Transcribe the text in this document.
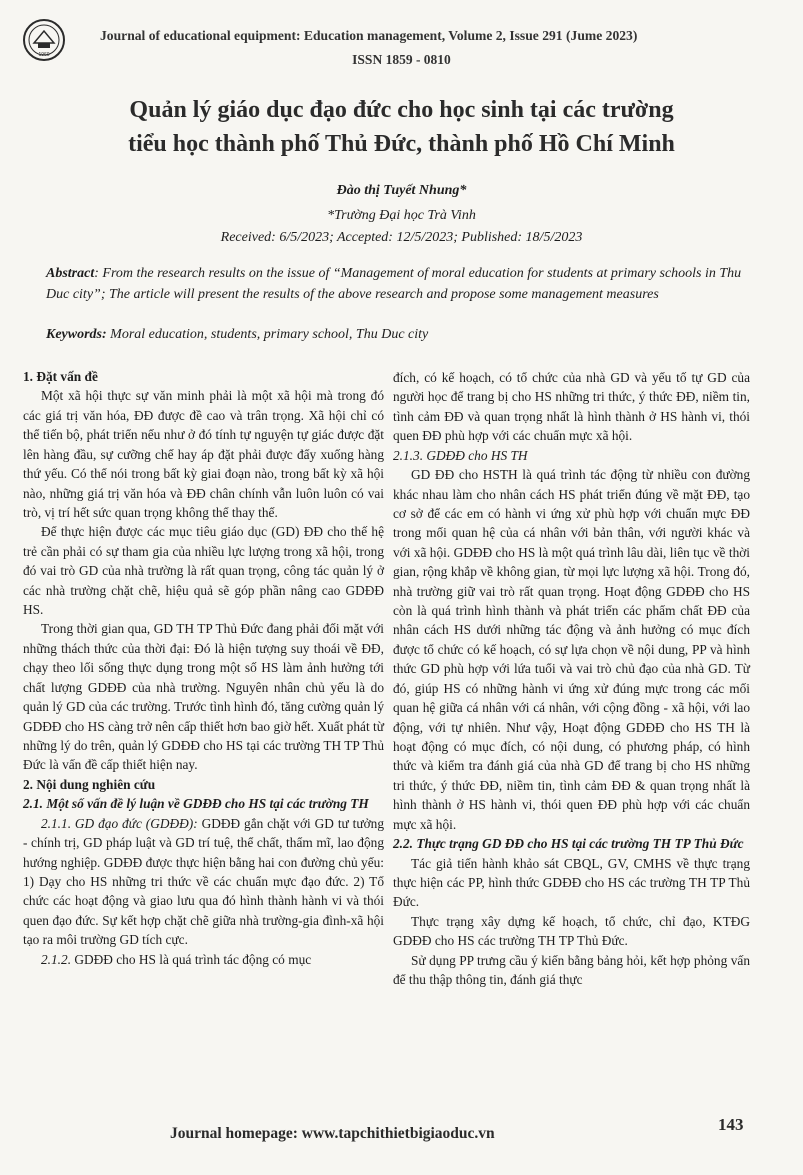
1960
Journal of educational equipment: Education management, Volume 2, Issue 291 (Jume 2023)
ISSN 1859 - 0810
Quản lý giáo dục đạo đức cho học sinh tại các trường
tiểu học thành phố Thủ Đức, thành phố Hồ Chí Minh
Đào thị Tuyết Nhung*
*Trường Đại học Trà Vinh
Received: 6/5/2023; Accepted: 12/5/2023; Published: 18/5/2023
Abstract: From the research results on the issue of “Management of moral education for students at primary schools in Thu Duc city”; The article will present the results of the above research and propose some management measures
Keywords: Moral education, students, primary school, Thu Duc city

1. Đặt vấn đề

Một xã hội thực sự văn minh phải là một xã hội mà trong đó các giá trị văn hóa, ĐĐ được đề cao và trân trọng. Xã hội chỉ có thể tiến bộ, phát triển nếu như ở đó tính tự nguyện tự giác được đặt lên hàng đầu, sự cưỡng chế hay áp đặt phải được đẩy xuống hàng thứ yếu. Có thể nói trong bất kỳ giai đoạn nào, trong bất kỳ xã hội nào, những giá trị văn hóa và ĐĐ chân chính vẫn luôn luôn có vai trò, vị trí hết sức quan trọng không thể thay thế.

Để thực hiện được các mục tiêu giáo dục (GD) ĐĐ cho thế hệ trẻ cần phải có sự tham gia của nhiều lực lượng trong xã hội, trong đó vai trò GD của nhà trường là rất quan trọng, công tác quản lý ở các nhà trường chặt chẽ, hiệu quả sẽ góp phần nâng cao GDĐĐ HS.

Trong thời gian qua, GD TH TP Thủ Đức đang phải đối mặt với những thách thức của thời đại: Đó là hiện tượng suy thoái về ĐĐ, chạy theo lối sống thực dụng trong một số HS làm ảnh hưởng tới chất lượng GDĐĐ của nhà trường. Nguyên nhân chủ yếu là do quản lý GD của các trường. Trước tình hình đó, tăng cường quản lý GDĐĐ cho HS càng trở nên cấp thiết hơn bao giờ hết. Xuất phát từ những lý do trên, quản lý GDĐĐ cho HS tại các trường TH TP Thủ Đức là vấn đề cấp thiết hiện nay.

2. Nội dung nghiên cứu

2.1. Một số vấn đề lý luận về GDĐĐ cho HS tại các trường TH

2.1.1. GD đạo đức (GDĐĐ): GDĐĐ gắn chặt với GD tư tưởng - chính trị, GD pháp luật và GD trí tuệ, thể chất, thẩm mĩ, lao động hướng nghiệp. GDĐĐ được thực hiện bằng hai con đường chủ yếu: 1) Dạy cho HS những tri thức về các chuẩn mực đạo đức. 2) Tổ chức các hoạt động và giao lưu qua đó hình thành hành vi và thói quen đạo đức. Sự kết hợp chặt chẽ giữa nhà trường-gia đình-xã hội tạo ra môi trường GD tích cực.

2.1.2. GDĐĐ cho HS là quá trình tác động có mục

đích, có kế hoạch, có tổ chức của nhà GD và yếu tố tự GD của người học để trang bị cho HS những tri thức, ý thức ĐĐ, niềm tin, tình cảm ĐĐ và quan trọng nhất là hình thành ở HS hành vi, thói quen ĐĐ phù hợp với các chuẩn mực xã hội.

2.1.3. GDĐĐ cho HS TH

GD ĐĐ cho HSTH là quá trình tác động từ nhiều con đường khác nhau làm cho nhân cách HS phát triển đúng về mặt ĐĐ, tạo cơ sở để các em có hành vi ứng xử phù hợp với chuẩn mực ĐĐ trong mối quan hệ của cá nhân với bản thân, với người khác và với xã hội. GDĐĐ cho HS là một quá trình lâu dài, liên tục về thời gian, rộng khắp về không gian, từ mọi lực lượng xã hội. Trong đó, nhà trường giữ vai trò rất quan trọng. Hoạt động GDĐĐ cho HS còn là quá trình hình thành và phát triển các phẩm chất ĐĐ của nhân cách HS dưới những tác động và ảnh hưởng có mục đích được tổ chức có kế hoạch, có sự lựa chọn về nội dung, PP và hình thức GD phù hợp với lứa tuổi và vai trò chủ đạo của nhà GD. Từ đó, giúp HS có những hành vi ứng xử đúng mực trong các mối quan hệ giữa cá nhân với cá nhân, với cộng đồng - xã hội, với lao động, với tự nhiên. Như vậy, Hoạt động GDĐĐ cho HS TH là hoạt động có mục đích, có nội dung, có phương pháp, có hình thức và kiểm tra đánh giá của nhà GD để trang bị cho HS những tri thức, ý thức ĐĐ, niềm tin, tình cảm ĐĐ & quan trọng nhất là hình thành ở HS hành vi, thói quen ĐĐ phù hợp với các chuẩn mực xã hội.

2.2. Thực trạng GD ĐĐ cho HS tại các trường TH TP Thủ Đức

Tác giả tiến hành khảo sát CBQL, GV, CMHS về thực trạng thực hiện các PP, hình thức GDĐĐ cho HS các trường TH TP Thủ Đức.

Thực trạng xây dựng kế hoạch, tổ chức, chỉ đạo, KTĐG GDĐĐ cho HS các trường TH TP Thủ Đức.

Sử dụng PP trưng cầu ý kiến bằng bảng hỏi, kết hợp phỏng vấn để thu thập thông tin, đánh giá thực

Journal homepage: www.tapchithietbigiaoduc.vn	143
